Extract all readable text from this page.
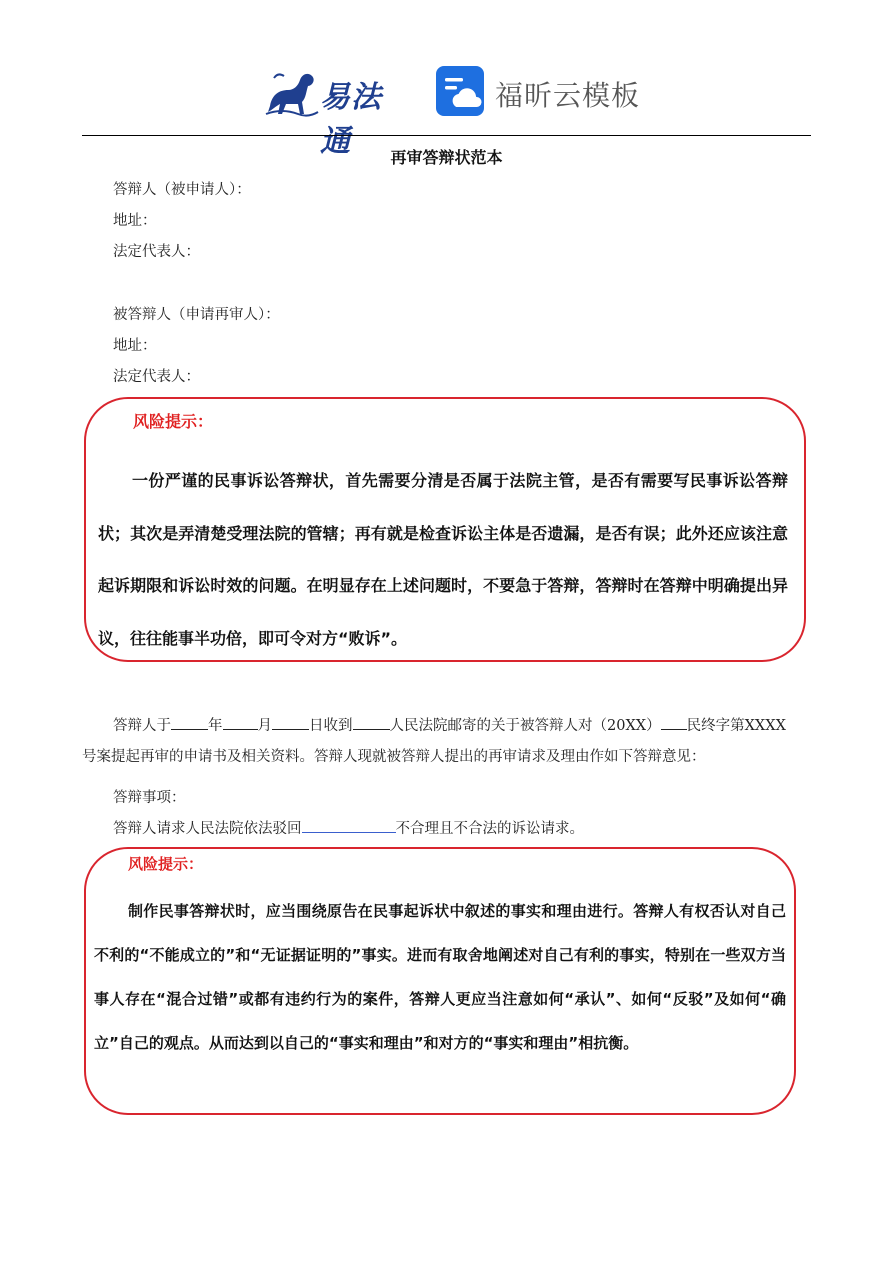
易法通
福昕云模板
再审答辩状范本
答辩人（被申请人）：
地址：
法定代表人：
被答辩人（申请再审人）：
地址：
法定代表人：
风险提示：
一份严谨的民事诉讼答辩状，首先需要分清是否属于法院主管，是否有需要写民事诉讼答辩状；其次是弄清楚受理法院的管辖；再有就是检查诉讼主体是否遗漏，是否有误；此外还应该注意起诉期限和诉讼时效的问题。在明显存在上述问题时，不要急于答辩，答辩时在答辩中明确提出异议，往往能事半功倍，即可令对方“败诉”。
答辩人于	年 月	日收到	人民法院邮寄的关于被答辩人对（20XX） 民终字第XXXX号案提起再审的申请书及相关资料。答辩人现就被答辩人提出的再审请求及理由作如下答辩意见：
答辩事项：
答辩人请求人民法院依法驳回	不合理且不合法的诉讼请求。
风险提示：
制作民事答辩状时，应当围绕原告在民事起诉状中叙述的事实和理由进行。答辩人有权否认对自己不利的“不能成立的”和“无证据证明的”事实。进而有取舍地阐述对自己有利的事实，特别在一些双方当事人存在“混合过错”或都有违约行为的案件，答辩人更应当注意如何“承认”、如何“反驳”及如何“确立”自己的观点。从而达到以自己的“事实和理由”和对方的“事实和理由”相抗衡。
